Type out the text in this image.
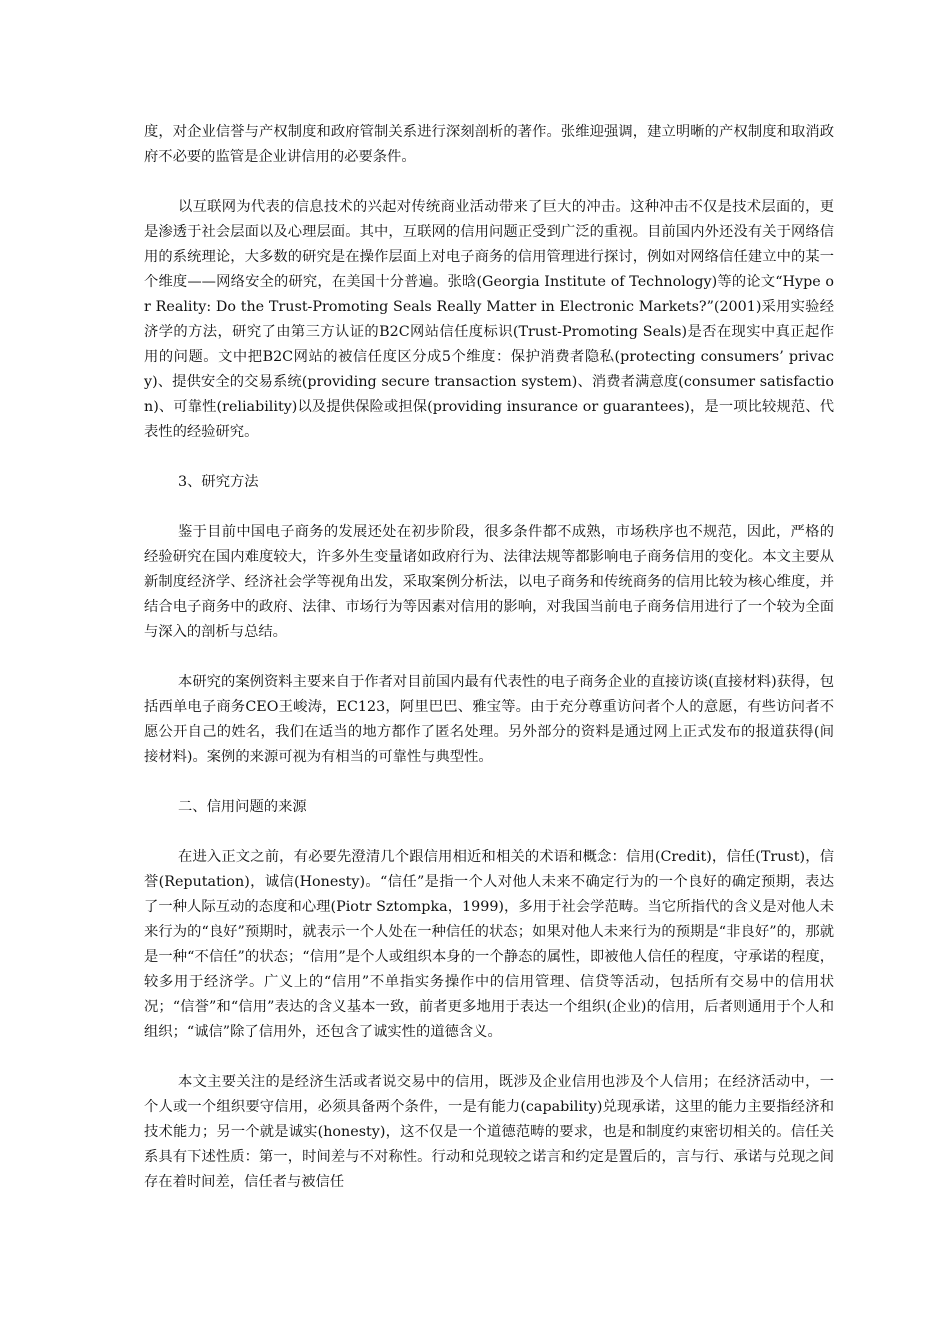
度，对企业信誉与产权制度和政府管制关系进行深刻剖析的著作。张维迎强调，建立明晰的产权制度和取消政府不必要的监管是企业讲信用的必要条件。

以互联网为代表的信息技术的兴起对传统商业活动带来了巨大的冲击。这种冲击不仅是技术层面的，更是渗透于社会层面以及心理层面。其中，互联网的信用问题正受到广泛的重视。目前国内外还没有关于网络信用的系统理论，大多数的研究是在操作层面上对电子商务的信用管理进行探讨，例如对网络信任建立中的某一个维度——网络安全的研究，在美国十分普遍。张晗(Georgia Institute of Technology)等的论文“Hype or Reality: Do the Trust-Promoting Seals Really Matter in Electronic Markets?”(2001)采用实验经济学的方法，研究了由第三方认证的B2C网站信任度标识(Trust-Promoting Seals)是否在现实中真正起作用的问题。文中把B2C网站的被信任度区分成5个维度：保护消费者隐私(protecting consumers’ privacy)、提供安全的交易系统(providing secure transaction system)、消费者满意度(consumer satisfaction)、可靠性(reliability)以及提供保险或担保(providing insurance or guarantees)，是一项比较规范、代表性的经验研究。

3、研究方法

鉴于目前中国电子商务的发展还处在初步阶段，很多条件都不成熟，市场秩序也不规范，因此，严格的经验研究在国内难度较大，许多外生变量诸如政府行为、法律法规等都影响电子商务信用的变化。本文主要从新制度经济学、经济社会学等视角出发，采取案例分析法，以电子商务和传统商务的信用比较为核心维度，并结合电子商务中的政府、法律、市场行为等因素对信用的影响，对我国当前电子商务信用进行了一个较为全面与深入的剖析与总结。

本研究的案例资料主要来自于作者对目前国内最有代表性的电子商务企业的直接访谈(直接材料)获得，包括西单电子商务CEO王峻涛，EC123，阿里巴巴、雅宝等。由于充分尊重访问者个人的意愿，有些访问者不愿公开自己的姓名，我们在适当的地方都作了匿名处理。另外部分的资料是通过网上正式发布的报道获得(间接材料)。案例的来源可视为有相当的可靠性与典型性。

二、信用问题的来源

在进入正文之前，有必要先澄清几个跟信用相近和相关的术语和概念：信用(Credit)，信任(Trust)，信誉(Reputation)，诚信(Honesty)。“信任”是指一个人对他人未来不确定行为的一个良好的确定预期，表达了一种人际互动的态度和心理(Piotr Sztompka，1999)，多用于社会学范畴。当它所指代的含义是对他人未来行为的“良好”预期时，就表示一个人处在一种信任的状态；如果对他人未来行为的预期是“非良好”的，那就是一种“不信任”的状态；“信用”是个人或组织本身的一个静态的属性，即被他人信任的程度，守承诺的程度，较多用于经济学。广义上的“信用”不单指实务操作中的信用管理、信贷等活动，包括所有交易中的信用状况；“信誉”和“信用”表达的含义基本一致，前者更多地用于表达一个组织(企业)的信用，后者则通用于个人和组织；“诚信”除了信用外，还包含了诚实性的道德含义。

本文主要关注的是经济生活或者说交易中的信用，既涉及企业信用也涉及个人信用；在经济活动中，一个人或一个组织要守信用，必须具备两个条件，一是有能力(capability)兑现承诺，这里的能力主要指经济和技术能力；另一个就是诚实(honesty)，这不仅是一个道德范畴的要求，也是和制度约束密切相关的。信任关系具有下述性质：第一，时间差与不对称性。行动和兑现较之诺言和约定是置后的，言与行、承诺与兑现之间存在着时间差，信任者与被信任
